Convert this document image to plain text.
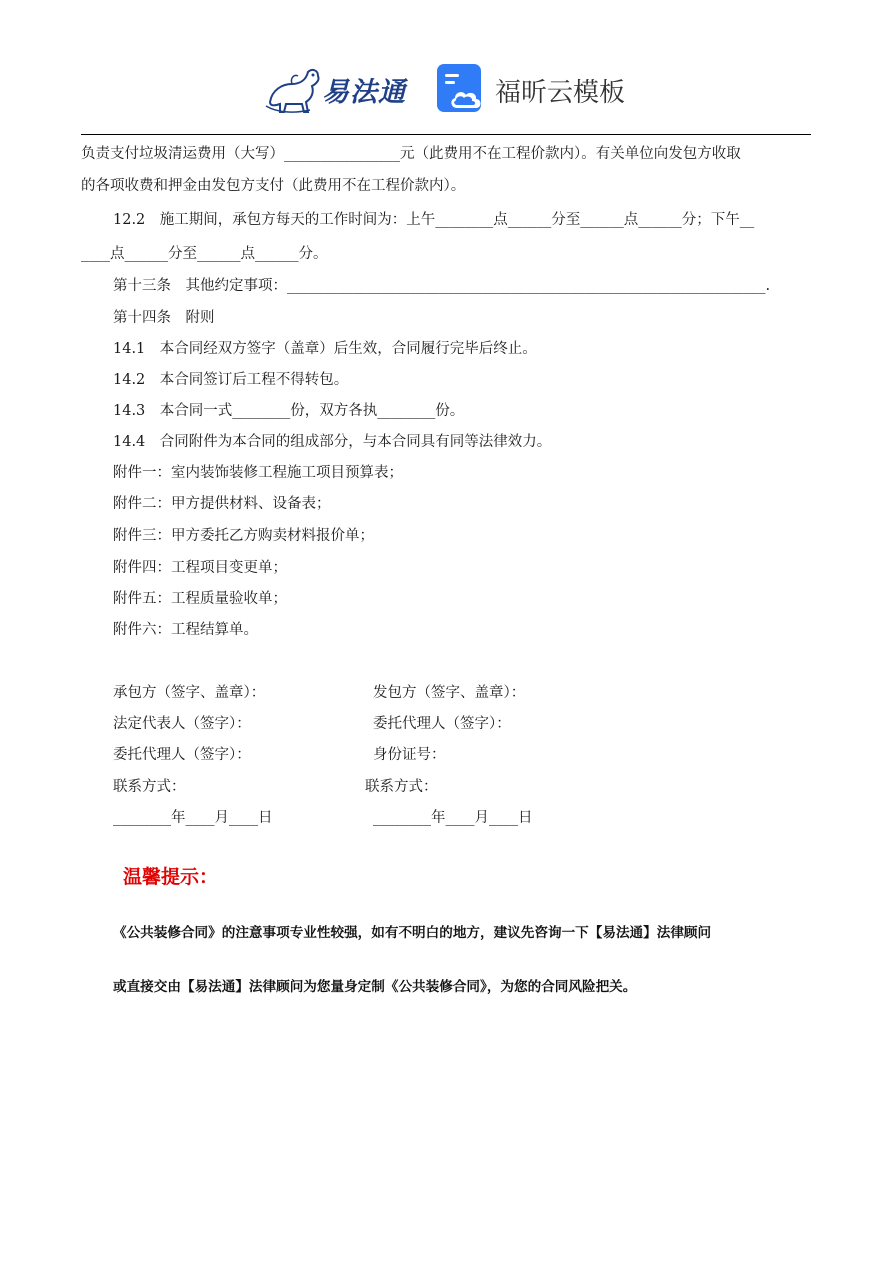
易法通	福昕云模板
负责支付垃圾清运费用（大写）________________元（此费用不在工程价款内）。有关单位向发包方收取
的各项收费和押金由发包方支付（此费用不在工程价款内）。
12.2　施工期间，承包方每天的工作时间为：上午________点______分至______点______分；下午__
____点______分至______点______分。
第十三条　其他约定事项：__________________________________________________________________.
第十四条　附则
14.1　本合同经双方签字（盖章）后生效，合同履行完毕后终止。
14.2　本合同签订后工程不得转包。
14.3　本合同一式________份，双方各执________份。
14.4　合同附件为本合同的组成部分，与本合同具有同等法律效力。
附件一：室内装饰装修工程施工项目预算表；
附件二：甲方提供材料、设备表；
附件三：甲方委托乙方购卖材料报价单；
附件四：工程项目变更单；
附件五：工程质量验收单；
附件六：工程结算单。
承包方（签字、盖章）：
法定代表人（签字）：
委托代理人（签字）：
联系方式：
________年____月____日
发包方（签字、盖章）：
委托代理人（签字）：
身份证号：
联系方式：
________年____月____日
温馨提示：
《公共装修合同》的注意事项专业性较强，如有不明白的地方，建议先咨询一下【易法通】法律顾问
或直接交由【易法通】法律顾问为您量身定制《公共装修合同》，为您的合同风险把关。
